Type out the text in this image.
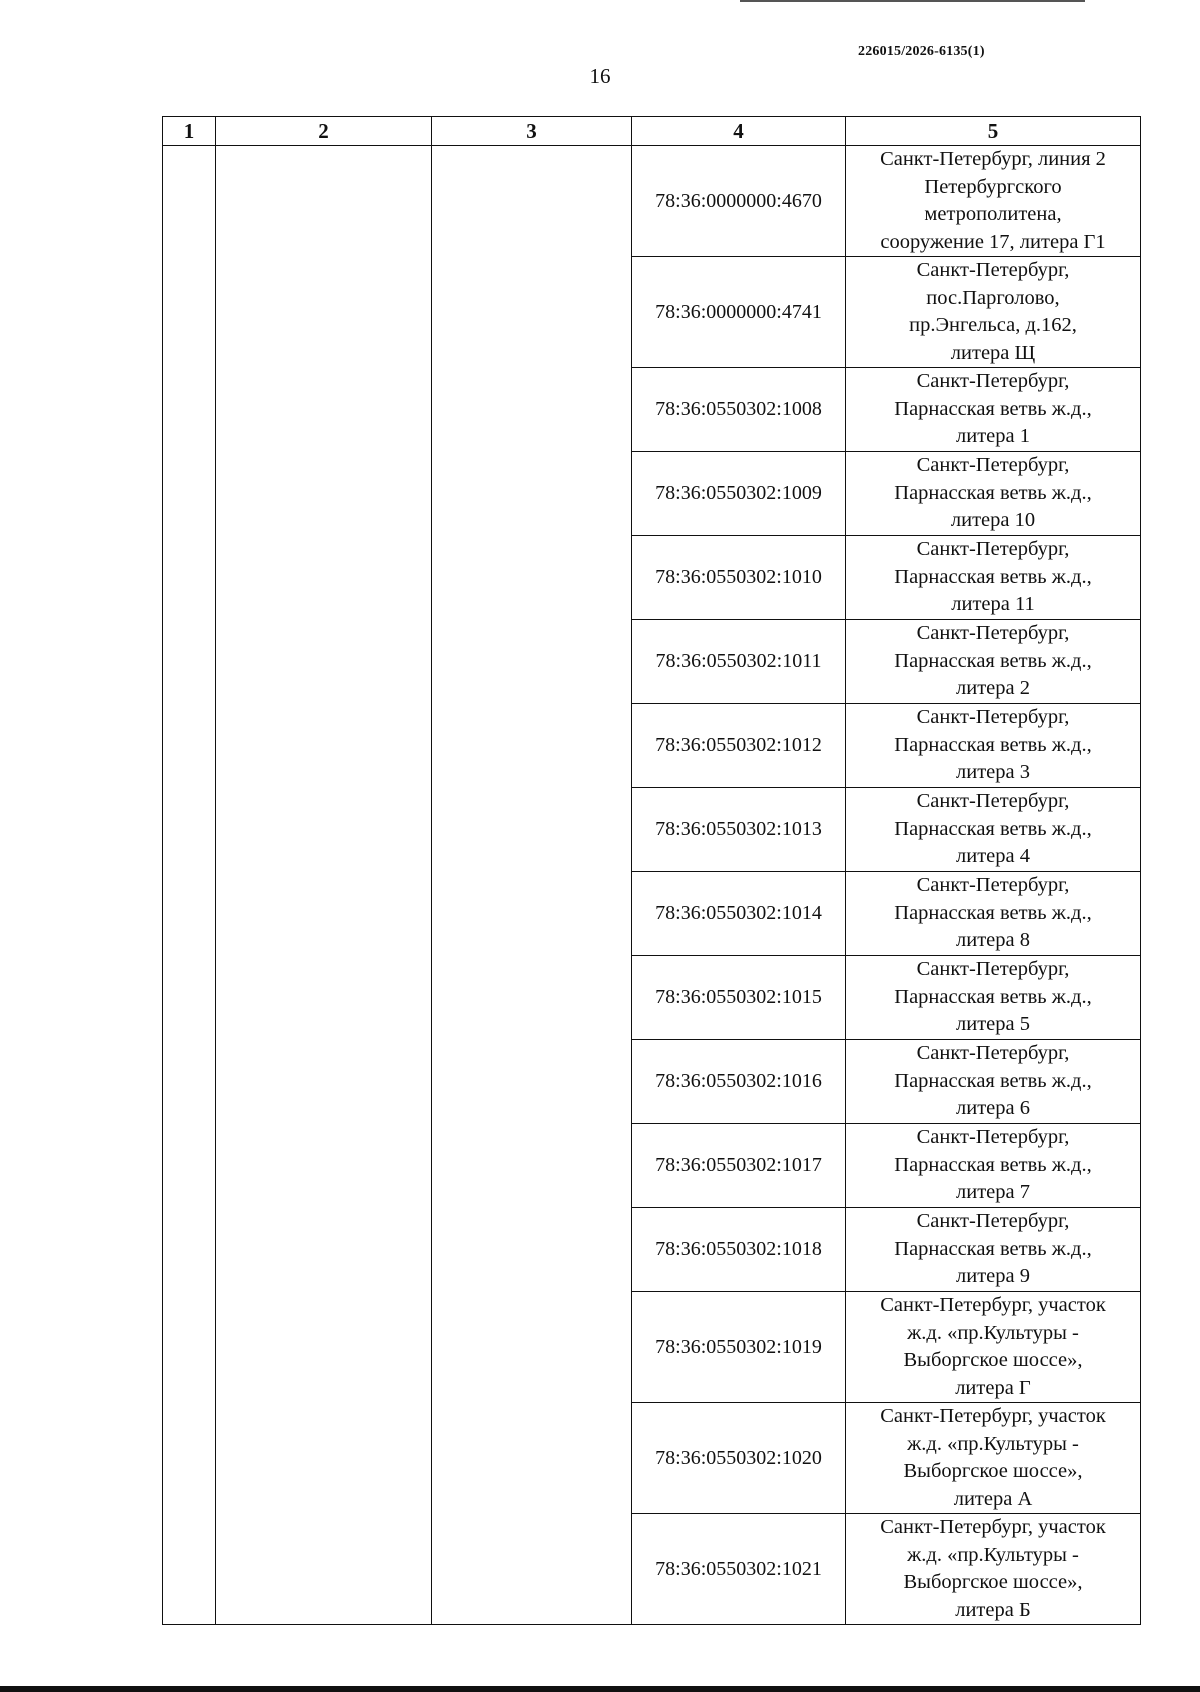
226015/2026-6135(1)
16
1	2	3	4	5
			78:36:0000000:4670	Санкт-Петербург, линия 2
Петербургского
метрополитена,
сооружение 17, литера Г1

			78:36:0000000:4741	Санкт-Петербург,
пос.Парголово,
пр.Энгельса, д.162,
литера Щ

			78:36:0550302:1008	Санкт-Петербург,
Парнасская ветвь ж.д.,
литера 1

			78:36:0550302:1009	Санкт-Петербург,
Парнасская ветвь ж.д.,
литера 10

			78:36:0550302:1010	Санкт-Петербург,
Парнасская ветвь ж.д.,
литера 11

			78:36:0550302:1011	Санкт-Петербург,
Парнасская ветвь ж.д.,
литера 2

			78:36:0550302:1012	Санкт-Петербург,
Парнасская ветвь ж.д.,
литера 3

			78:36:0550302:1013	Санкт-Петербург,
Парнасская ветвь ж.д.,
литера 4

			78:36:0550302:1014	Санкт-Петербург,
Парнасская ветвь ж.д.,
литера 8

			78:36:0550302:1015	Санкт-Петербург,
Парнасская ветвь ж.д.,
литера 5

			78:36:0550302:1016	Санкт-Петербург,
Парнасская ветвь ж.д.,
литера 6

			78:36:0550302:1017	Санкт-Петербург,
Парнасская ветвь ж.д.,
литера 7

			78:36:0550302:1018	Санкт-Петербург,
Парнасская ветвь ж.д.,
литера 9

			78:36:0550302:1019	Санкт-Петербург, участок
ж.д. «пр.Культуры -
Выборгское шоссе»,
литера Г

			78:36:0550302:1020	Санкт-Петербург, участок
ж.д. «пр.Культуры -
Выборгское шоссе»,
литера А

			78:36:0550302:1021	Санкт-Петербург, участок
ж.д. «пр.Культуры -
Выборгское шоссе»,
литера Б
